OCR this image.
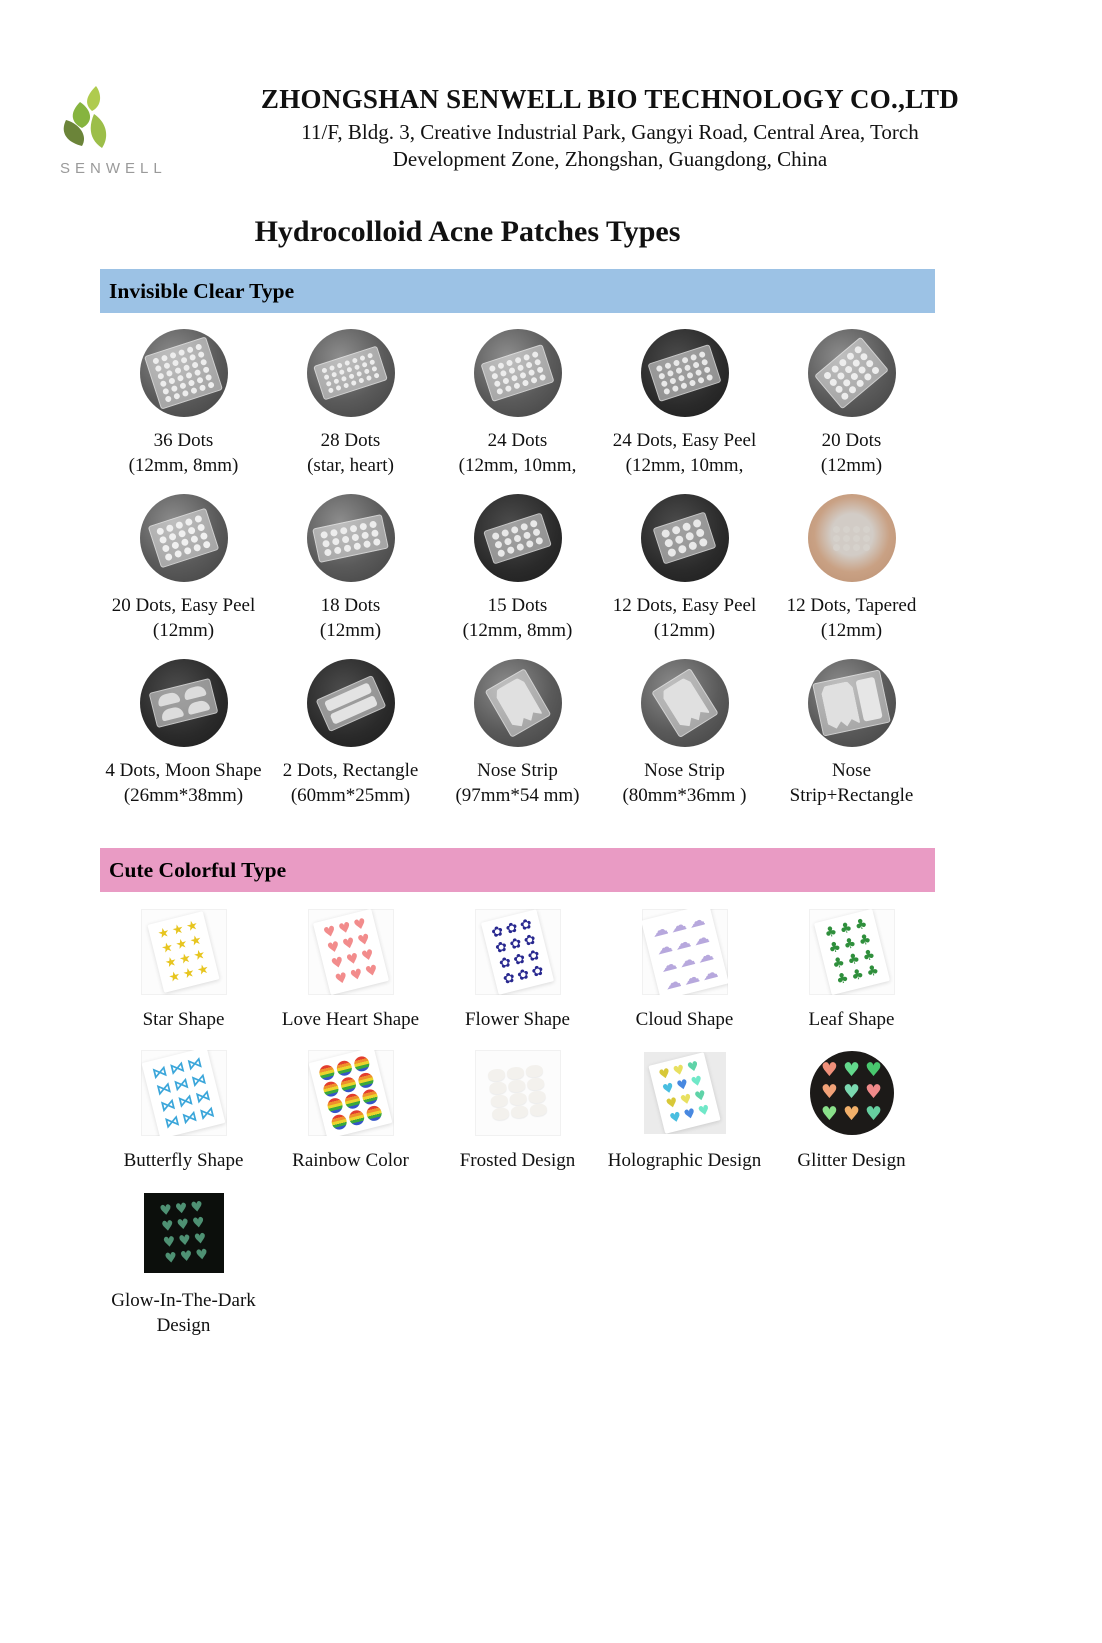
SENWELL
ZHONGSHAN SENWELL BIO TECHNOLOGY CO.,LTD
11/F, Bldg. 3, Creative Industrial Park, Gangyi Road, Central Area, Torch
Development Zone, Zhongshan, Guangdong, China
Hydrocolloid Acne Patches Types
Invisible Clear Type
36 Dots
(12mm, 8mm)
28 Dots
(star, heart)
24 Dots
(12mm, 10mm,
24 Dots, Easy Peel
(12mm, 10mm,
20 Dots
(12mm)
20 Dots, Easy Peel
(12mm)
18 Dots
(12mm)
15 Dots
(12mm, 8mm)
12 Dots, Easy Peel
(12mm)
12 Dots, Tapered
(12mm)
4 Dots, Moon Shape
(26mm*38mm)
2 Dots, Rectangle
(60mm*25mm)
Nose Strip
(97mm*54 mm)
Nose Strip
(80mm*36mm )
Nose
Strip+Rectangle
Cute Colorful Type
★ ★ ★
★ ★ ★
★ ★ ★
★ ★ ★
Star Shape
♥ ♥ ♥
♥ ♥ ♥
♥ ♥ ♥
♥ ♥ ♥
Love Heart Shape
✿ ✿ ✿
✿ ✿ ✿
✿ ✿ ✿
✿ ✿ ✿
Flower Shape
☁
☁
☁
☁
☁
☁
☁
☁
☁
☁
☁
☁
Cloud Shape
♣ ♣ ♣
♣ ♣ ♣
♣ ♣ ♣
♣ ♣ ♣
Leaf Shape
⋈
⋈
⋈
⋈
⋈
⋈
⋈
⋈
⋈
⋈
⋈
⋈
Butterfly Shape	Rainbow Color	Frosted Design
♥ ♥ ♥
♥ ♥ ♥
♥ ♥ ♥
♥ ♥ ♥
Holographic Design
♥ ♥ ♥
♥ ♥ ♥
♥ ♥ ♥
Glitter Design
♥ ♥ ♥
♥ ♥ ♥
♥ ♥ ♥
♥ ♥ ♥
Glow-In-The-Dark
Design
